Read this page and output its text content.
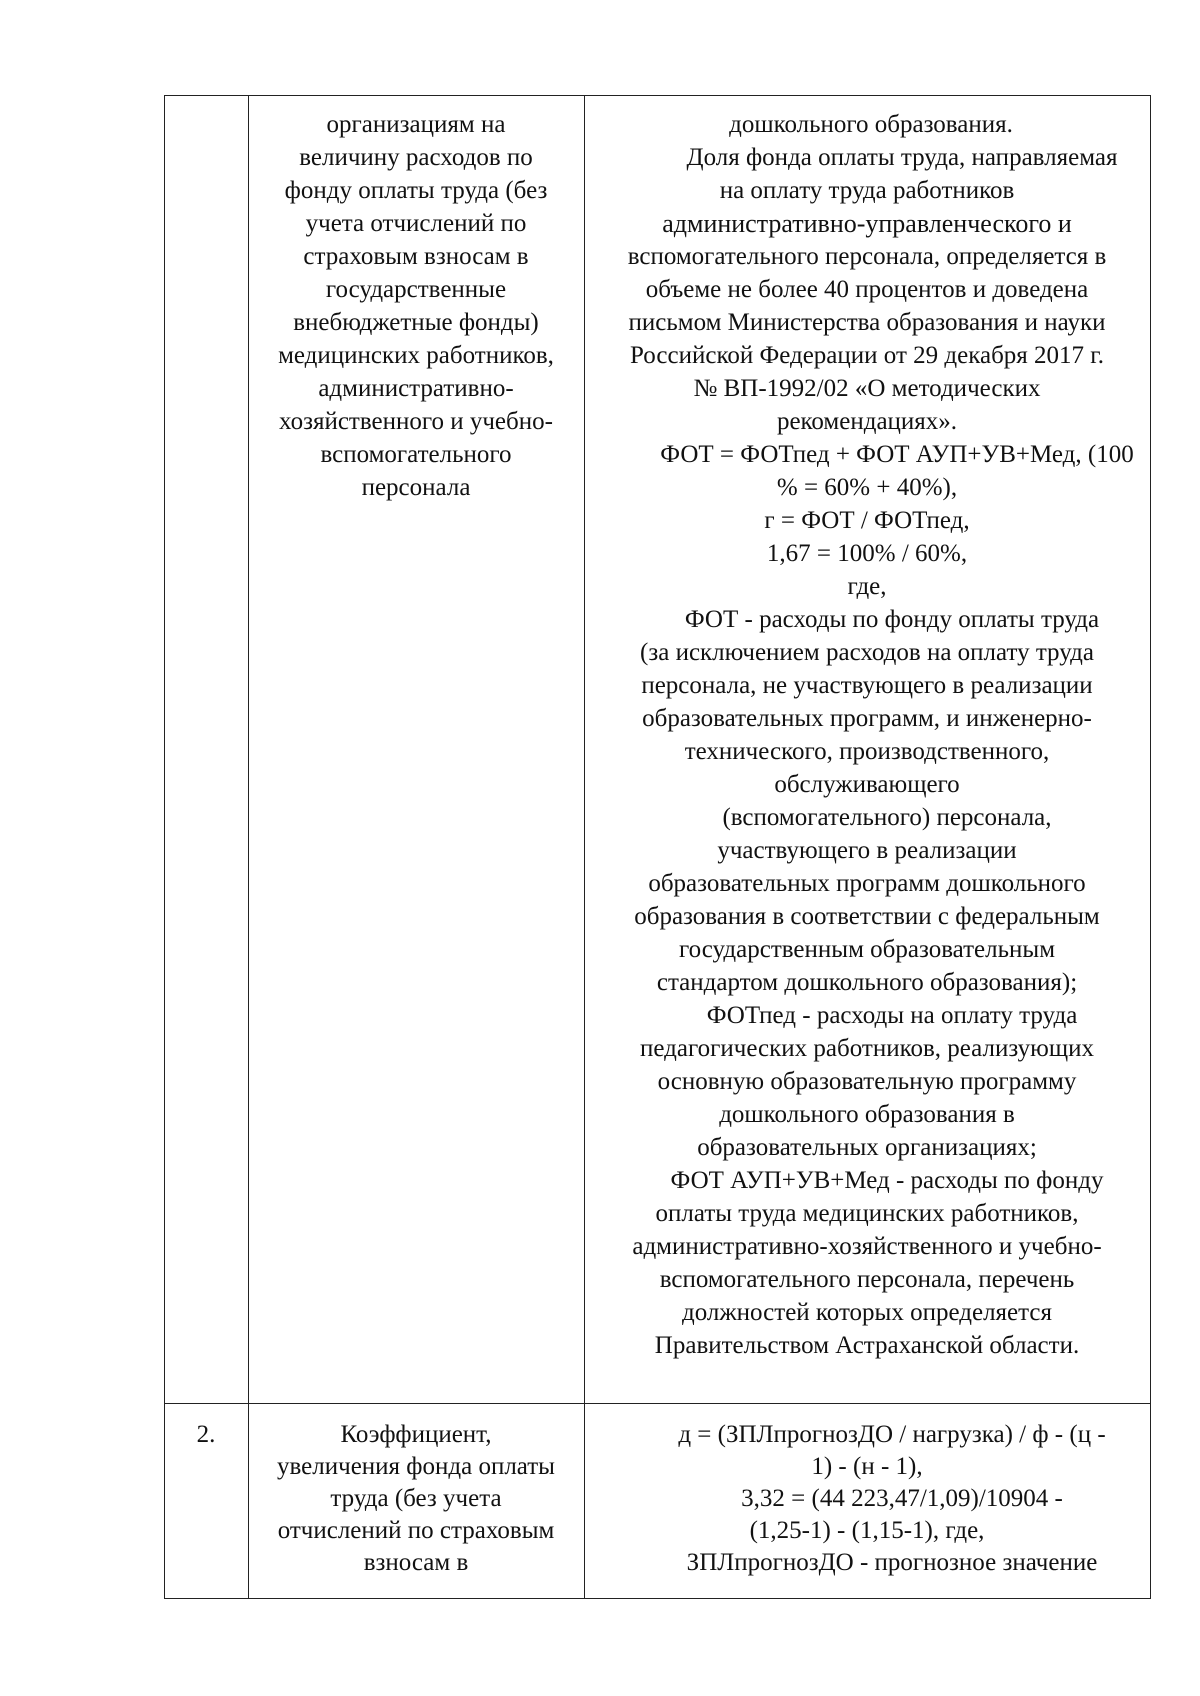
организациям на
величину расходов по
фонду оплаты труда (без
учета отчислений по
страховым взносам в
государственные
внебюджетные фонды)
медицинских работников,
административно-
хозяйственного и учебно-
вспомогательного
персонала
дошкольного образования.
Доля фонда оплаты труда, направляемая
на оплату труда работников
административно-управленческого и
вспомогательного персонала, определяется в
объеме не более 40 процентов и доведена
письмом Министерства образования и науки
Российской Федерации от 29 декабря 2017 г.
№ ВП-1992/02 «О методических
рекомендациях».
ФОТ = ФОТпед + ФОТ АУП+УВ+Мед, (100
% = 60% + 40%),
г = ФОТ / ФОТпед,
1,67 = 100% / 60%,
где,
ФОТ - расходы по фонду оплаты труда
(за исключением расходов на оплату труда
персонала, не участвующего в реализации
образовательных программ, и инженерно-
технического, производственного,
обслуживающего
(вспомогательного) персонала,
участвующего в реализации
образовательных программ дошкольного
образования в соответствии с федеральным
государственным образовательным
стандартом дошкольного образования);
ФОТпед - расходы на оплату труда
педагогических работников, реализующих
основную образовательную программу
дошкольного образования в
образовательных организациях;
ФОТ АУП+УВ+Мед - расходы по фонду
оплаты труда медицинских работников,
административно-хозяйственного и учебно-
вспомогательного персонала, перечень
должностей которых определяется
Правительством Астраханской области.
2.	Коэффициент,
увеличения фонда оплаты
труда (без учета
отчислений по страховым
взносам в
д = (ЗПЛпрогнозДО / нагрузка) / ф - (ц -
1) - (н - 1),
3,32 = (44 223,47/1,09)/10904 -
(1,25-1) - (1,15-1), где,
ЗПЛпрогнозДО - прогнозное значение
